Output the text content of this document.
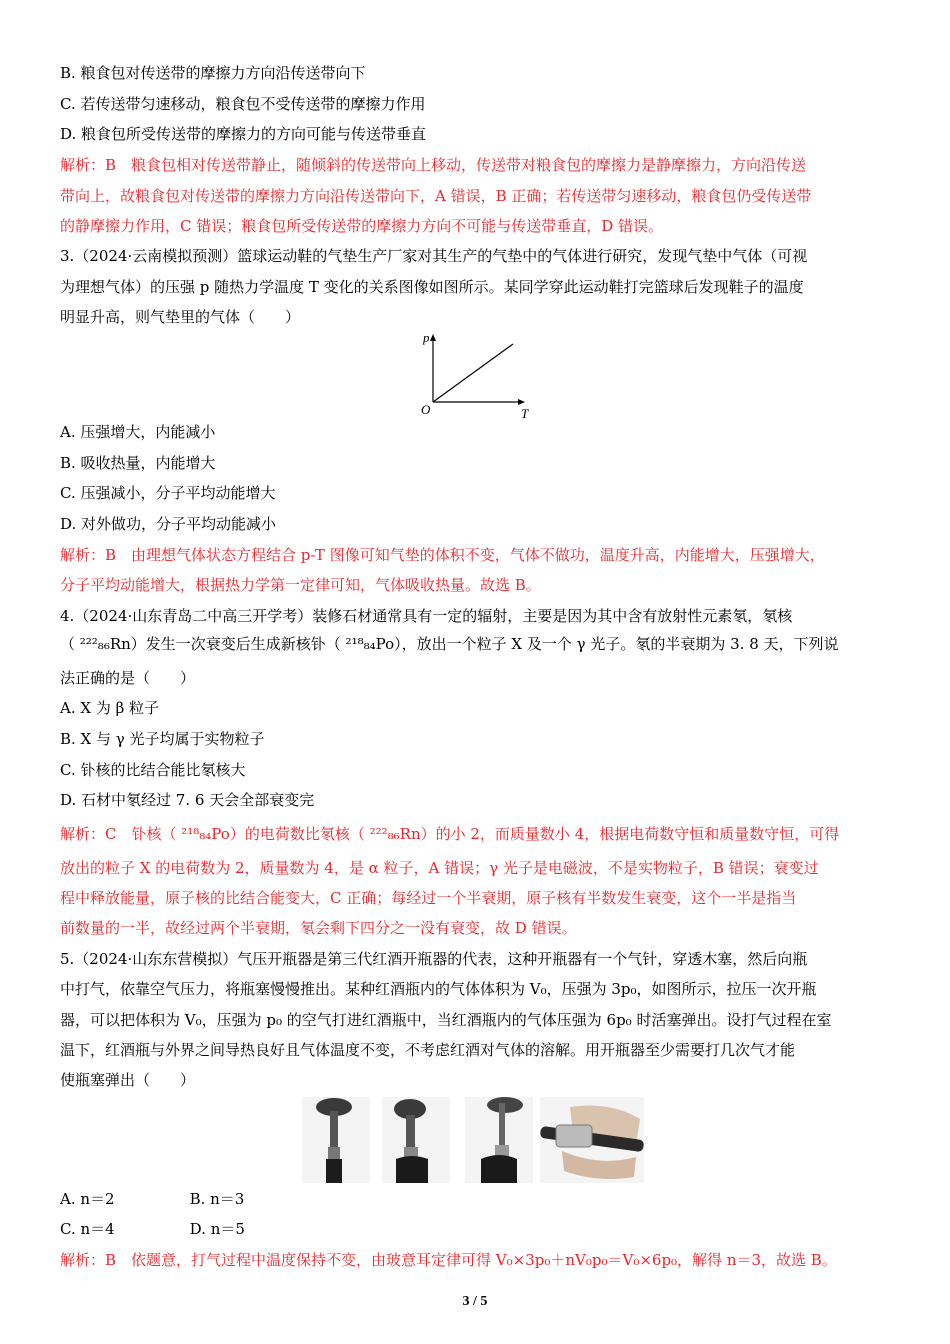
B. 粮食包对传送带的摩擦力方向沿传送带向下
C. 若传送带匀速移动，粮食包不受传送带的摩擦力作用
D. 粮食包所受传送带的摩擦力的方向可能与传送带垂直
解析：B　粮食包相对传送带静止，随倾斜的传送带向上移动，传送带对粮食包的摩擦力是静摩擦力，方向沿传送
带向上，故粮食包对传送带的摩擦力方向沿传送带向下，A 错误，B 正确；若传送带匀速移动，粮食包仍受传送带
的静摩擦力作用，C 错误；粮食包所受传送带的摩擦力方向不可能与传送带垂直，D 错误。
3.（2024·云南模拟预测）篮球运动鞋的气垫生产厂家对其生产的气垫中的气体进行研究，发现气垫中气体（可视
为理想气体）的压强 p 随热力学温度 T 变化的关系图像如图所示。某同学穿此运动鞋打完篮球后发现鞋子的温度
明显升高，则气垫里的气体（　　）
A. 压强增大，内能减小
B. 吸收热量，内能增大
C. 压强减小，分子平均动能增大
D. 对外做功，分子平均动能减小
解析：B　由理想气体状态方程结合 p-T 图像可知气垫的体积不变，气体不做功，温度升高，内能增大，压强增大，
分子平均动能增大，根据热力学第一定律可知，气体吸收热量。故选 B。
4.（2024·山东青岛二中高三开学考）装修石材通常具有一定的辐射，主要是因为其中含有放射性元素氡，氡核
（ ²²²₈₆Rn）发生一次衰变后生成新核钋（ ²¹⁸₈₄Po），放出一个粒子 X 及一个 γ 光子。氡的半衰期为 3. 8 天，下列说
法正确的是（　　）
A. X 为 β 粒子
B. X 与 γ 光子均属于实物粒子
C. 钋核的比结合能比氡核大
D. 石材中氡经过 7. 6 天会全部衰变完
解析：C　钋核（ ²¹⁸₈₄Po）的电荷数比氡核（ ²²²₈₆Rn）的小 2，而质量数小 4，根据电荷数守恒和质量数守恒，可得
放出的粒子 X 的电荷数为 2，质量数为 4，是 α 粒子，A 错误；γ 光子是电磁波，不是实物粒子，B 错误；衰变过
程中释放能量，原子核的比结合能变大，C 正确；每经过一个半衰期，原子核有半数发生衰变，这个一半是指当
前数量的一半，故经过两个半衰期，氡会剩下四分之一没有衰变，故 D 错误。
5.（2024·山东东营模拟）气压开瓶器是第三代红酒开瓶器的代表，这种开瓶器有一个气针，穿透木塞，然后向瓶
中打气，依靠空气压力，将瓶塞慢慢推出。某种红酒瓶内的气体体积为 V₀，压强为 3p₀，如图所示，拉压一次开瓶
器，可以把体积为 V₀，压强为 p₀ 的空气打进红酒瓶中，当红酒瓶内的气体压强为 6p₀ 时活塞弹出。设打气过程在室
温下，红酒瓶与外界之间导热良好且气体温度不变，不考虑红酒对气体的溶解。用开瓶器至少需要打几次气才能
使瓶塞弹出（　　）
A. n＝2　　　　　B. n＝3
C. n＝4　　　　　D. n＝5
解析：B　依题意，打气过程中温度保持不变，由玻意耳定律可得 V₀×3p₀＋nV₀p₀＝V₀×6p₀，解得 n＝3，故选 B。
p
T
O
3 / 5
